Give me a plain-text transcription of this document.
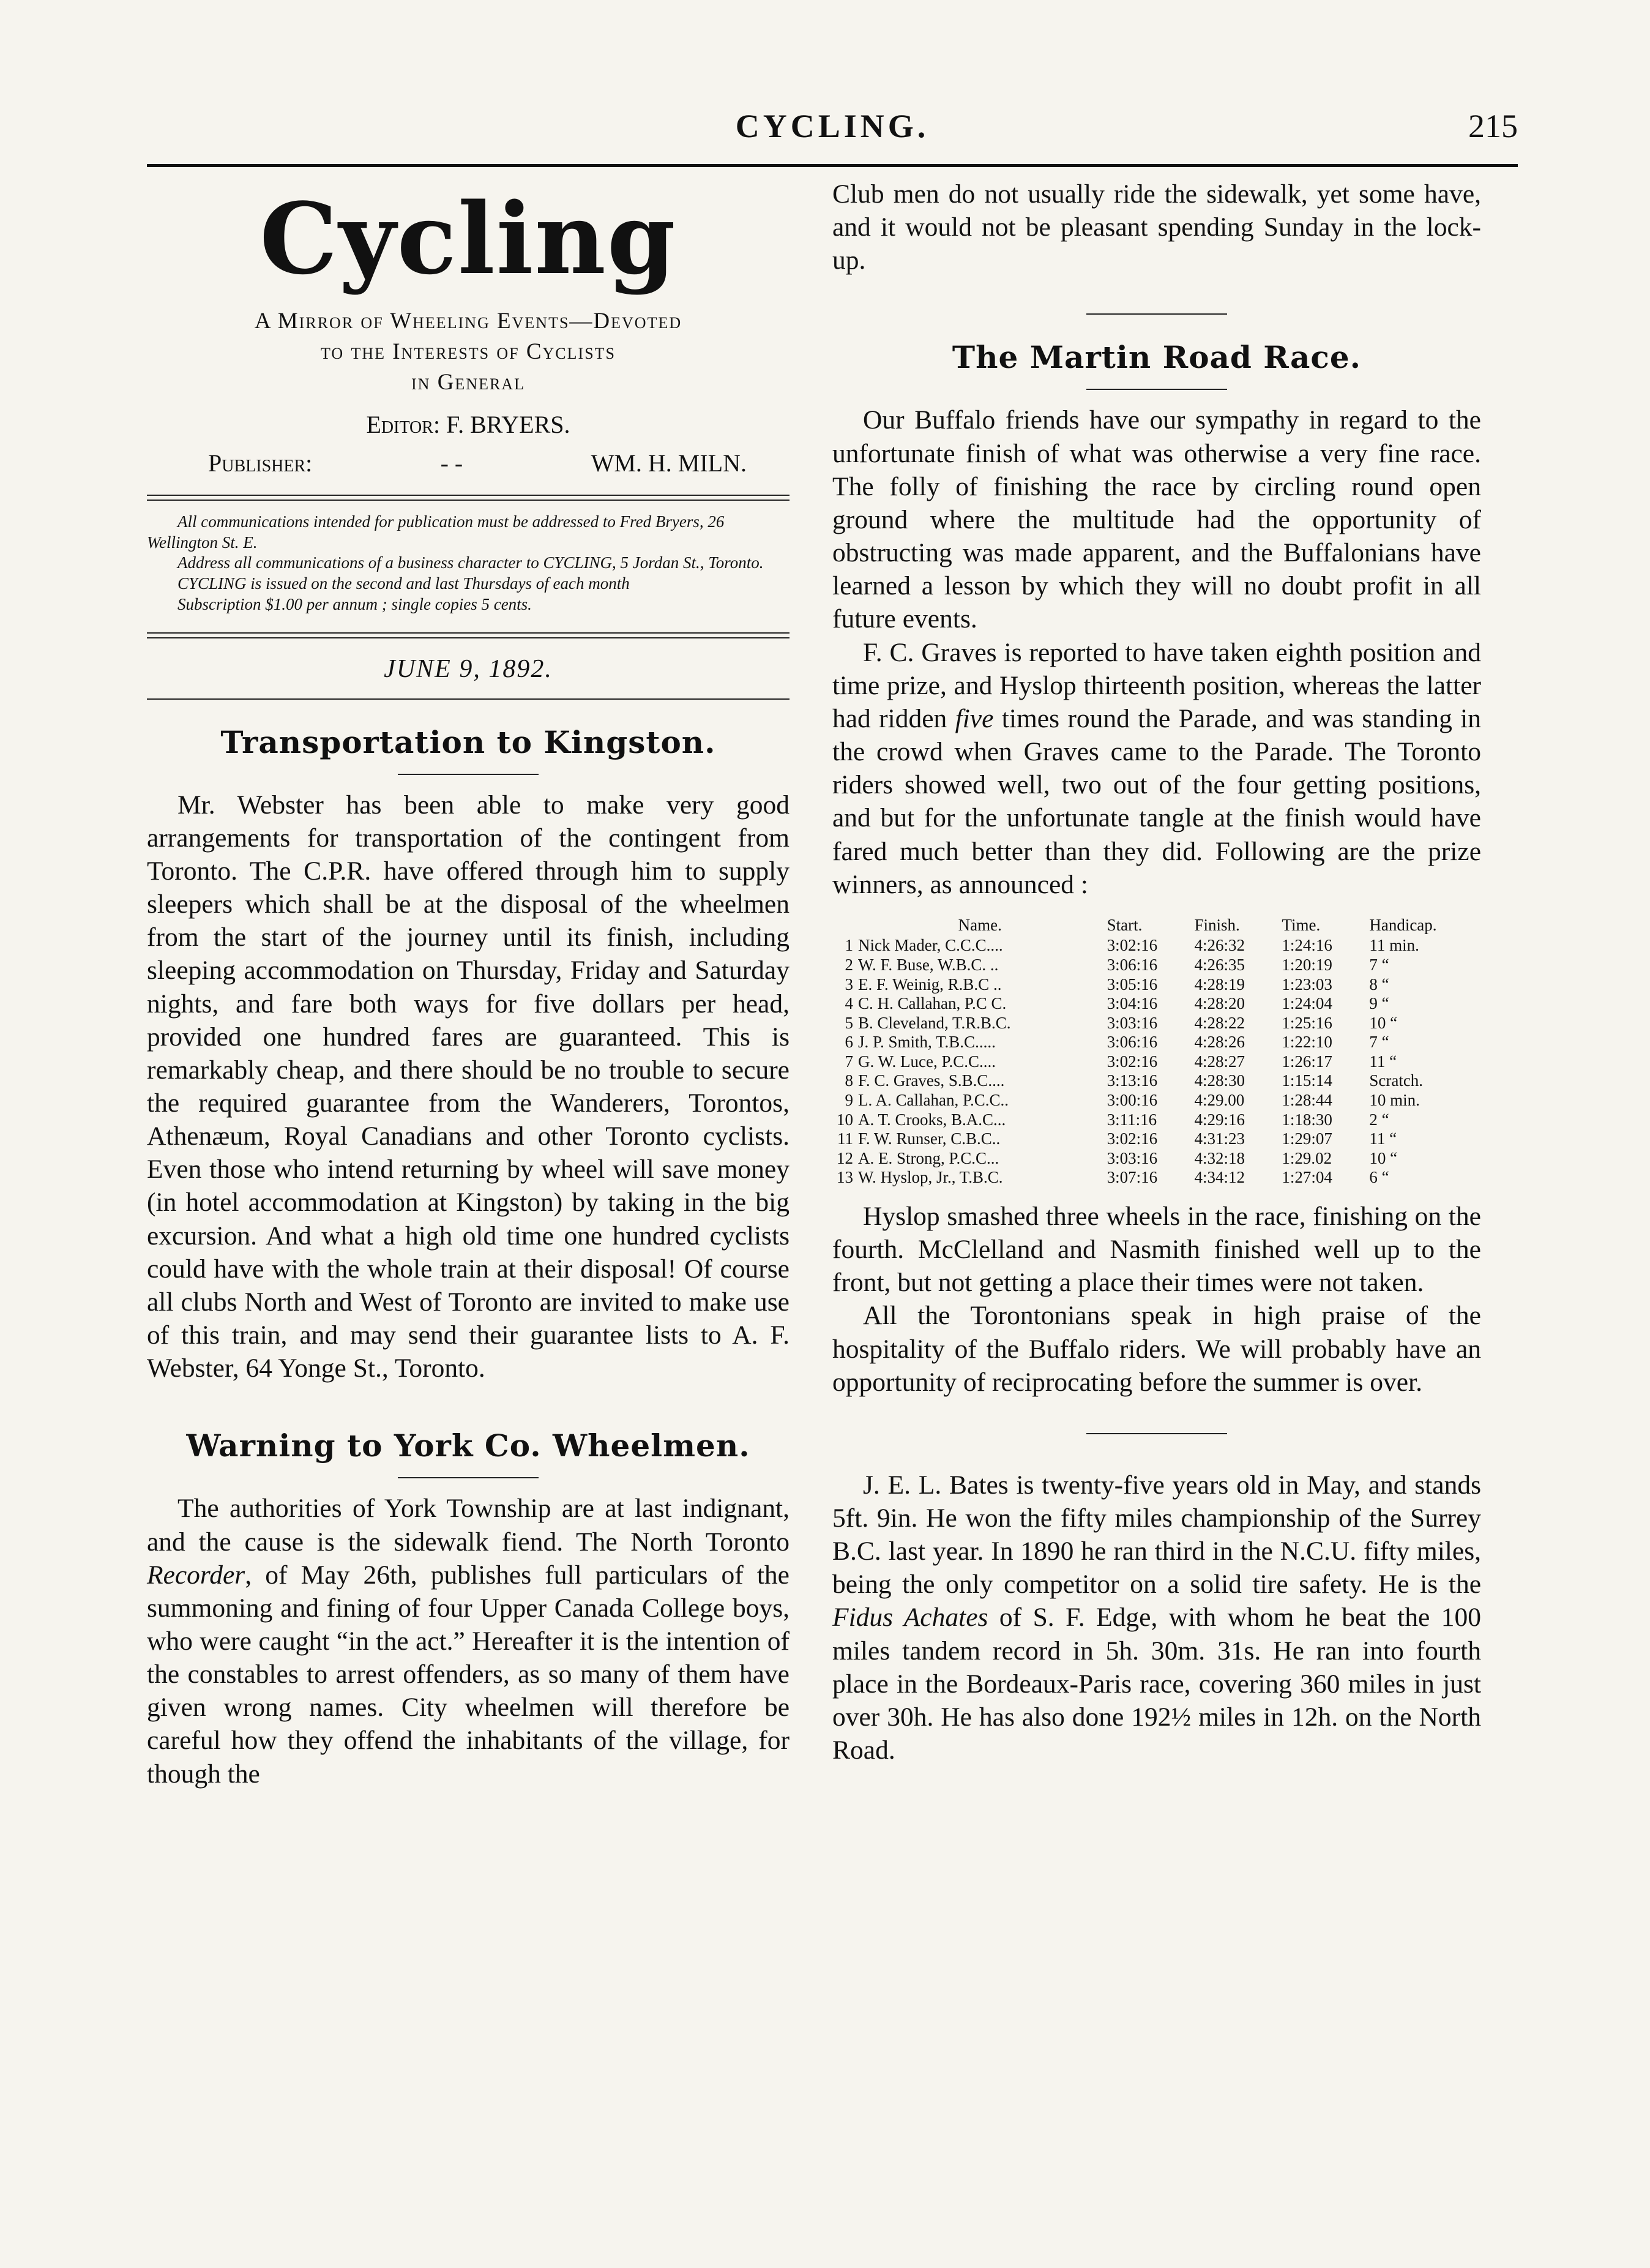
CYCLING.	215
Cycling
A Mirror of Wheeling Events—Devoted
to the Interests of Cyclists
in General
Editor: F. BRYERS.
Publisher:	- -	WM. H. MILN.

All communications intended for publication must be addressed to Fred Bryers, 26 Wellington St. E.

Address all communications of a business character to CYCLING, 5 Jordan St., Toronto.

CYCLING is issued on the second and last Thursdays of each month

Subscription $1.00 per annum ; single copies 5 cents.

JUNE 9, 1892.
Transportation to Kingston.

Mr. Webster has been able to make very good arrangements for transportation of the contingent from Toronto. The C.P.R. have offered through him to supply sleepers which shall be at the disposal of the wheelmen from the start of the journey until its finish, including sleeping accommodation on Thursday, Friday and Saturday nights, and fare both ways for five dollars per head, provided one hundred fares are guaranteed. This is remarkably cheap, and there should be no trouble to secure the required guarantee from the Wanderers, Torontos, Athenæum, Royal Canadians and other Toronto cyclists. Even those who intend returning by wheel will save money (in hotel accommodation at Kingston) by taking in the big excursion. And what a high old time one hundred cyclists could have with the whole train at their disposal! Of course all clubs North and West of Toronto are invited to make use of this train, and may send their guarantee lists to A. F. Webster, 64 Yonge St., Toronto.

Warning to York Co. Wheelmen.

The authorities of York Township are at last indignant, and the cause is the sidewalk fiend. The North Toronto Recorder, of May 26th, publishes full particulars of the summoning and fining of four Upper Canada College boys, who were caught “in the act.” Hereafter it is the intention of the constables to arrest offenders, as so many of them have given wrong names. City wheelmen will therefore be careful how they offend the inhabitants of the village, for though the

Club men do not usually ride the sidewalk, yet some have, and it would not be pleasant spending Sunday in the lock-up.

The Martin Road Race.

Our Buffalo friends have our sympathy in regard to the unfortunate finish of what was otherwise a very fine race. The folly of finishing the race by circling round open ground where the multitude had the opportunity of obstructing was made apparent, and the Buffalonians have learned a lesson by which they will no doubt profit in all future events.

F. C. Graves is reported to have taken eighth position and time prize, and Hyslop thirteenth position, whereas the latter had ridden five times round the Parade, and was standing in the crowd when Graves came to the Parade. The Toronto riders showed well, two out of the four getting positions, and but for the unfortunate tangle at the finish would have fared much better than they did. Following are the prize winners, as announced :

	Name.	Start.	Finish.	Time.	Handicap.
1	Nick Mader, C.C.C....	3:02:16	4:26:32	1:24:16	11 min.
2	W. F. Buse, W.B.C. ..	3:06:16	4:26:35	1:20:19	7 “
3	E. F. Weinig, R.B.C ..	3:05:16	4:28:19	1:23:03	8 “
4	C. H. Callahan, P.C C.	3:04:16	4:28:20	1:24:04	9 “
5	B. Cleveland, T.R.B.C.	3:03:16	4:28:22	1:25:16	10 “
6	J. P. Smith, T.B.C.....	3:06:16	4:28:26	1:22:10	7 “
7	G. W. Luce, P.C.C....	3:02:16	4:28:27	1:26:17	11 “
8	F. C. Graves, S.B.C....	3:13:16	4:28:30	1:15:14	Scratch.
9	L. A. Callahan, P.C.C..	3:00:16	4:29.00	1:28:44	10 min.
10	A. T. Crooks, B.A.C...	3:11:16	4:29:16	1:18:30	2 “
11	F. W. Runser, C.B.C..	3:02:16	4:31:23	1:29:07	11 “
12	A. E. Strong, P.C.C...	3:03:16	4:32:18	1:29.02	10 “
13	W. Hyslop, Jr., T.B.C.	3:07:16	4:34:12	1:27:04	6 “

Hyslop smashed three wheels in the race, finishing on the fourth. McClelland and Nasmith finished well up to the front, but not getting a place their times were not taken.

All the Torontonians speak in high praise of the hospitality of the Buffalo riders. We will probably have an opportunity of reciprocating before the summer is over.

J. E. L. Bates is twenty-five years old in May, and stands 5ft. 9in. He won the fifty miles championship of the Surrey B.C. last year. In 1890 he ran third in the N.C.U. fifty miles, being the only competitor on a solid tire safety. He is the Fidus Achates of S. F. Edge, with whom he beat the 100 miles tandem record in 5h. 30m. 31s. He ran into fourth place in the Bordeaux-Paris race, covering 360 miles in just over 30h. He has also done 192½ miles in 12h. on the North Road.
